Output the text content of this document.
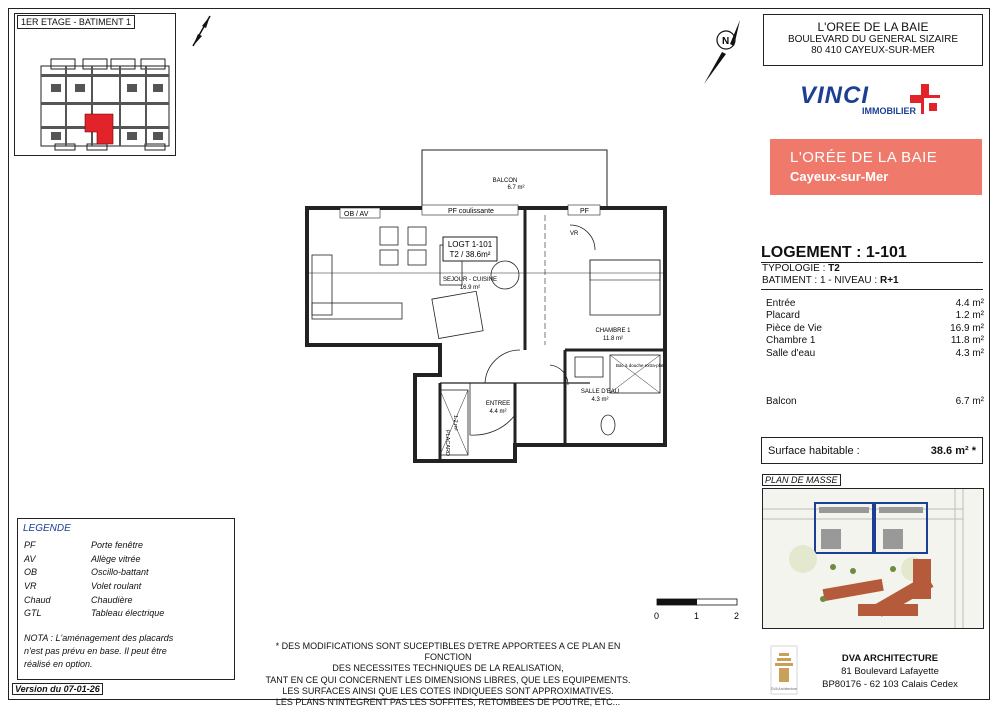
1ER ETAGE - BATIMENT 1
N
L'OREE DE LA BAIE
BOULEVARD DU GENERAL SIZAIRE
80 410 CAYEUX-SUR-MER
VINCI
IMMOBILIER
L'ORÉE DE LA BAIE
Cayeux-sur-Mer
LOGEMENT : 1-101
TYPOLOGIE : T2
BATIMENT : 1 - NIVEAU : R+1
Entrée	4.4 m²
Placard	1.2 m²
Pièce de Vie	16.9 m²
Chambre 1	11.8 m²
Salle d'eau	4.3 m²
Balcon	6.7 m²
Surface habitable :	38.6 m² *
PLAN DE MASSE
OB / AV	PF coulissante	PF
VR
BALCON
6.7 m²
LOGT 1-101
T2 / 38.6m²
SEJOUR - CUISINE
16.9 m²
CHAMBRE 1
11.8 m²
SALLE D'EAU
4.3 m²
Bac à douche extra-plat
ENTREE
4.4 m²
PLACARD
1.2 m²
LEGENDE
PF	Porte fenêtre
AV	Allège vitrée
OB	Oscillo-battant
VR	Volet roulant
Chaud	Chaudière
GTL	Tableau électrique
NOTA : L'aménagement des placards
n'est pas prévu en base. Il peut être
réalisé en option.
Version du 07-01-26
0	1	2
* DES MODIFICATIONS SONT SUCEPTIBLES D'ETRE APPORTEES A CE PLAN EN FONCTION
DES NECESSITES TECHNIQUES DE LA REALISATION,
TANT EN CE QUI CONCERNENT LES DIMENSIONS LIBRES, QUE LES EQUIPEMENTS.
LES SURFACES AINSI QUE LES COTES INDIQUEES SONT APPROXIMATIVES.
LES PLANS N'INTEGRENT PAS LES SOFFITES, RETOMBEES DE POUTRE, ETC...
DVA Architecture
DVA ARCHITECTURE
81 Boulevard Lafayette
BP80176 - 62 103 Calais Cedex
